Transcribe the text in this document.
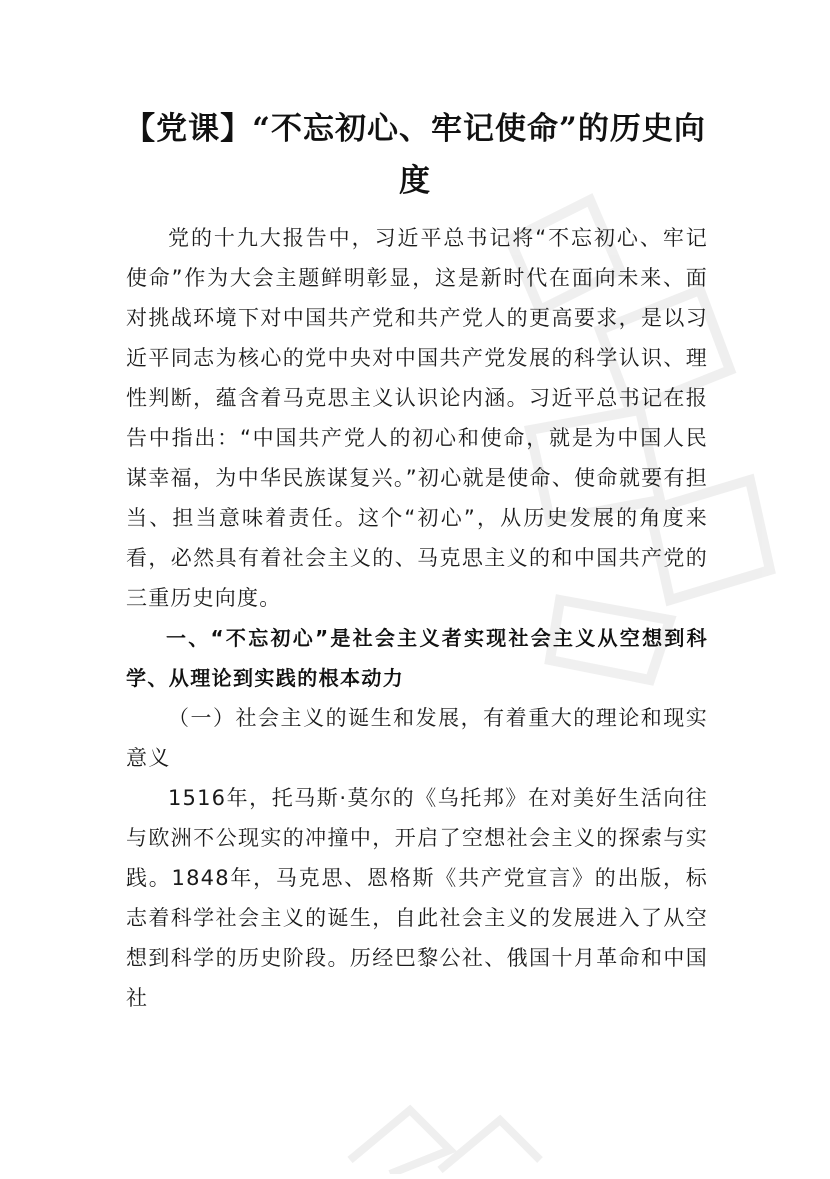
【党课】“不忘初心、牢记使命”的历史向度

党的十九大报告中，习近平总书记将“不忘初心、牢记使命”作为大会主题鲜明彰显，这是新时代在面向未来、面对挑战环境下对中国共产党和共产党人的更高要求，是以习近平同志为核心的党中央对中国共产党发展的科学认识、理性判断，蕴含着马克思主义认识论内涵。习近平总书记在报告中指出：“中国共产党人的初心和使命，就是为中国人民谋幸福，为中华民族谋复兴。”初心就是使命、使命就要有担当、担当意味着责任。这个“初心”，从历史发展的角度来看，必然具有着社会主义的、马克思主义的和中国共产党的三重历史向度。

一、“不忘初心”是社会主义者实现社会主义从空想到科学、从理论到实践的根本动力

（一）社会主义的诞生和发展，有着重大的理论和现实意义

1516年，托马斯·莫尔的《乌托邦》在对美好生活向往与欧洲不公现实的冲撞中，开启了空想社会主义的探索与实践。1848年，马克思、恩格斯《共产党宣言》的出版，标志着科学社会主义的诞生，自此社会主义的发展进入了从空想到科学的历史阶段。历经巴黎公社、俄国十月革命和中国社
